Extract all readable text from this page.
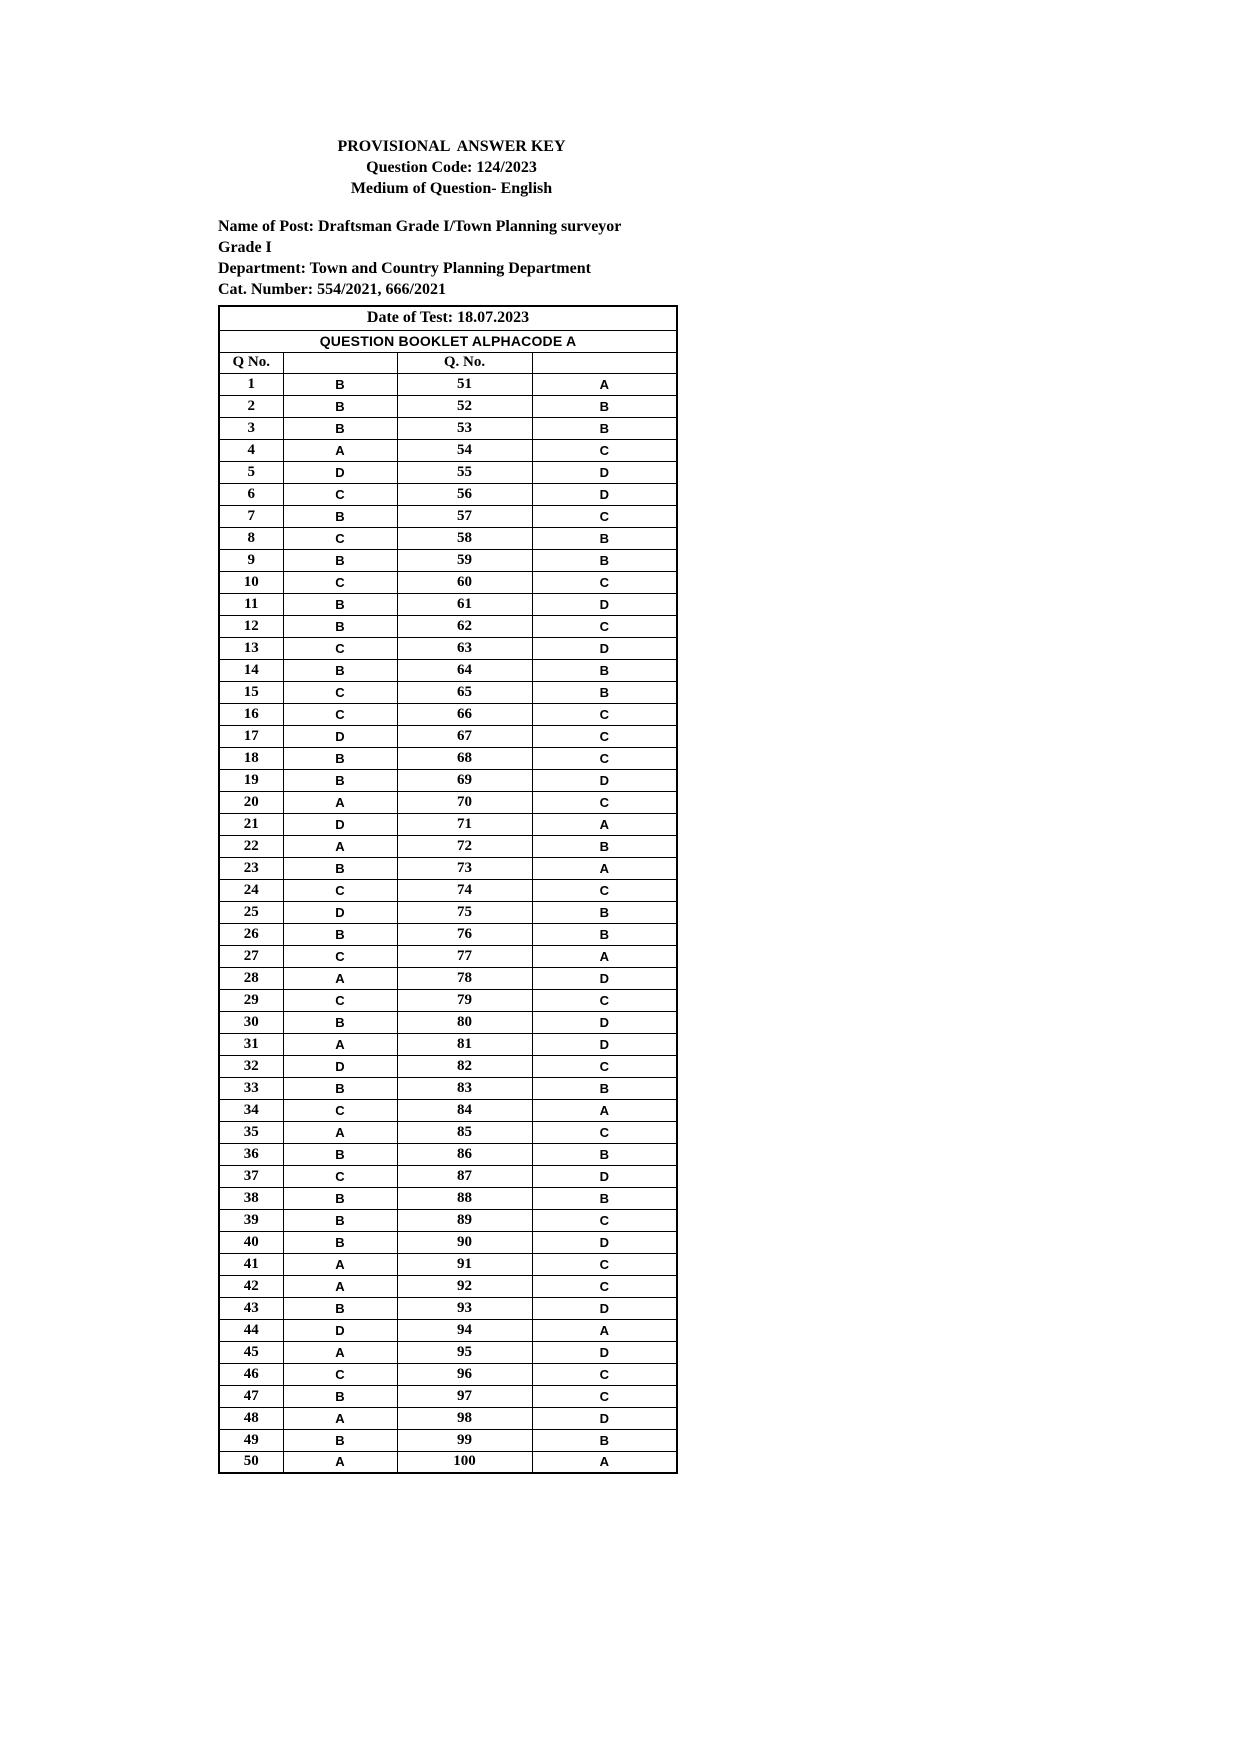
PROVISIONAL  ANSWER KEY
Question Code: 124/2023
Medium of Question- English
Name of Post: Draftsman Grade I/Town Planning surveyor
Grade I
Department: Town and Country Planning Department
Cat. Number: 554/2021, 666/2021
Date of Test: 18.07.2023			
QUESTION BOOKLET ALPHACODE A			
Q No.		Q. No.	
1	B	51	A
2	B	52	B
3	B	53	B
4	A	54	C
5	D	55	D
6	C	56	D
7	B	57	C
8	C	58	B
9	B	59	B
10	C	60	C
11	B	61	D
12	B	62	C
13	C	63	D
14	B	64	B
15	C	65	B
16	C	66	C
17	D	67	C
18	B	68	C
19	B	69	D
20	A	70	C
21	D	71	A
22	A	72	B
23	B	73	A
24	C	74	C
25	D	75	B
26	B	76	B
27	C	77	A
28	A	78	D
29	C	79	C
30	B	80	D
31	A	81	D
32	D	82	C
33	B	83	B
34	C	84	A
35	A	85	C
36	B	86	B
37	C	87	D
38	B	88	B
39	B	89	C
40	B	90	D
41	A	91	C
42	A	92	C
43	B	93	D
44	D	94	A
45	A	95	D
46	C	96	C
47	B	97	C
48	A	98	D
49	B	99	B
50	A	100	A
